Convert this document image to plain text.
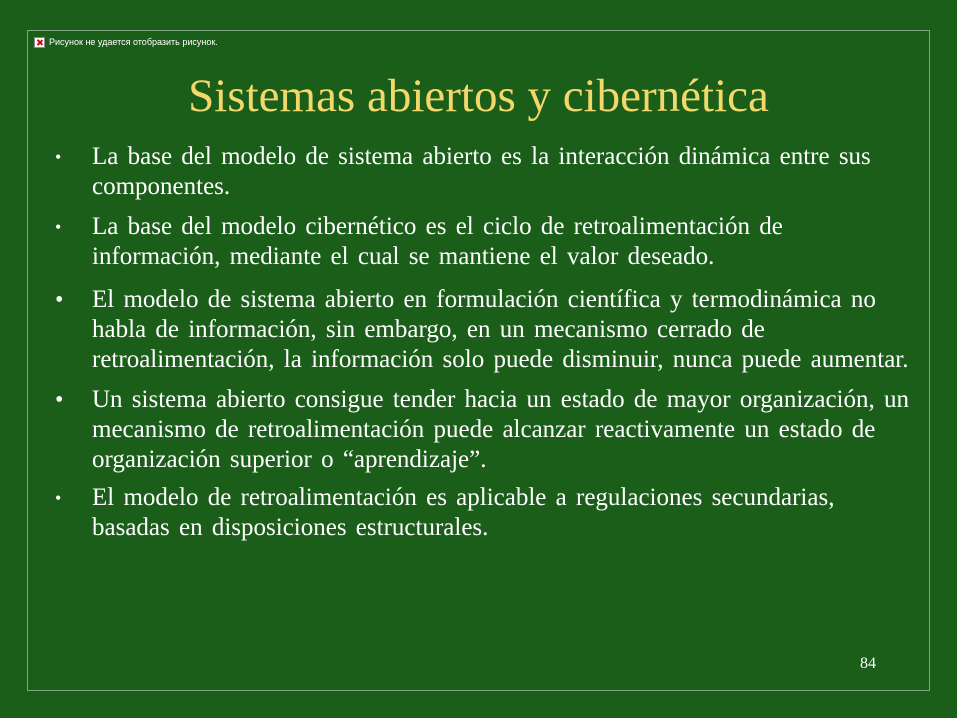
Рисунок не удается отобразить рисунок.
Sistemas abiertos y cibernética
• La base del modelo de sistema abierto es la interacción dinámica entre sus componentes.
• La base del modelo cibernético es el ciclo de retroalimentación de información, mediante el cual se mantiene el valor deseado.
• El modelo de sistema abierto en formulación científica y termodinámica no habla de información, sin embargo, en un mecanismo cerrado de retroalimentación, la información solo puede disminuir, nunca puede aumentar.
• Un sistema abierto consigue tender hacia un estado de mayor organización, un mecanismo de retroalimentación puede alcanzar reactivamente un estado de organización superior o “aprendizaje”.
• El modelo de retroalimentación es aplicable a regulaciones secundarias, basadas en disposiciones estructurales.
84
